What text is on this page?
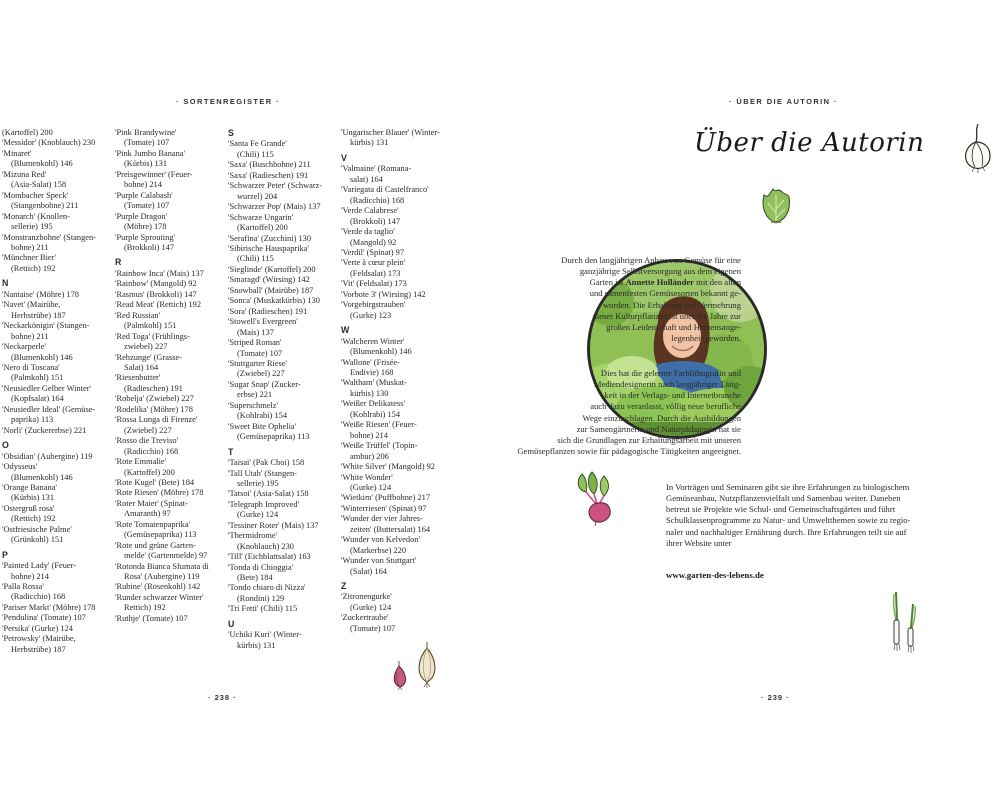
· SORTENREGISTER ·
(Kartoffel) 200
'Messidor' (Knoblauch) 230
'Minaret'
(Blumenkohl) 146
'Mizuna Red'
(Asia-Salat) 158
'Mombacher Speck'
(Stangenbohne) 211
'Monarch' (Knollen-
sellerie) 195
'Monstranzbohne' (Stangen-
bohne) 211
'Münchner Bier'
(Rettich) 192
N
'Nantaise' (Möhre) 178
'Navet' (Mairübe,
Herbstrübe) 187
'Neckarkönigin' (Stangen-
bohne) 211
'Neckarperle'
(Blumenkohl) 146
'Nero di Toscana'
(Palmkohl) 151
'Neusiedler Gelber Winter'
(Kopfsalat) 164
'Neusiedler Ideal' (Gemüse-
paprika) 113
'Norli' (Zuckererbse) 221
O
'Obsidian' (Aubergine) 119
'Odysseus'
(Blumenkohl) 146
'Orange Banana'
(Kürbis) 131
'Ostergruß rosa'
(Rettich) 192
'Ostfriesische Palme'
(Grünkohl) 151
P
'Painted Lady' (Feuer-
bohne) 214
'Palla Rossa'
(Radicchio) 168
'Pariser Markt' (Möhre) 178
'Pendulina' (Tomate) 107
'Persika' (Gurke) 124
'Petrowsky' (Mairübe,
Herbstrübe) 187
'Pink Brandywine'
(Tomate) 107
'Pink Jumbo Banana'
(Kürbis) 131
'Preisgewinner' (Feuer-
bohne) 214
'Purple Calabash'
(Tomate) 107
'Purple Dragon'
(Möhre) 178
'Purple Sprouting'
(Brokkoli) 147
R
'Rainbow Inca' (Mais) 137
'Rainbow' (Mangold) 92
'Rasmus' (Brokkoli) 147
'Read Meat' (Rettich) 192
'Red Russian'
(Palmkohl) 151
'Red Toga' (Frühlings-
zwiebel) 227
'Rehzunge' (Grasse-
Salat) 164
'Riesenbutter'
(Radieschen) 191
'Robelja' (Zwiebel) 227
'Rodelika' (Möhre) 178
'Rossa Lunga di Firenze'
(Zwiebel) 227
'Rosso die Treviso'
(Radicchio) 168
'Rote Emmalie'
(Kartoffel) 200
'Rote Kugel' (Bete) 184
'Rote Riesen' (Möhre) 178
'Roter Maier' (Spinat-
Amaranth) 97
'Rote Tomatenpaprika'
(Gemüsepaprika) 113
'Rote und grüne Garten-
melde' (Gartenmelde) 97
'Rotonda Bianca Sfumata di
Rosa' (Aubergine) 119
'Rubine' (Rosenkohl) 142
'Runder schwarzer Winter'
Rettich) 192
'Ruthje' (Tomate) 107
S
'Santa Fe Grande'
(Chili) 115
'Saxa' (Buschbohne) 211
'Saxa' (Radieschen) 191
'Schwarzer Peter' (Schwarz-
wurzel) 204
'Schwarzer Pop' (Mais) 137
'Schwarze Ungarin'
(Kartoffel) 200
'Serafina' (Zucchini) 130
'Sibirische Hauspaprika'
(Chili) 115
'Sieglinde' (Kartoffel) 200
'Smaragd' (Wirsing) 142
'Snowball' (Mairübe) 187
'Sonca' (Muskatkürbis) 130
'Sora' (Radieschen) 191
'Stowell's Evergreen'
(Mais) 137
'Striped Roman'
(Tomate) 107
'Stuttgarter Riese'
(Zwiebel) 227
'Sugar Snap' (Zucker-
erbse) 221
'Superschmelz'
(Kohlrabi) 154
'Sweet Bite Ophelia'
(Gemüsepaprika) 113
T
'Taisai' (Pak Choi) 158
'Tall Utah' (Stangen-
sellerie) 195
'Tatsoi' (Asia-Salat) 158
'Telegraph Improved'
(Gurke) 124
'Tessiner Roter' (Mais) 137
'Thermidrome'
(Knoblauch) 230
'Till' (Eichblattsalat) 163
'Tonda di Chioggia'
(Bete) 184
'Tondo chiaro di Nizza'
(Rondini) 129
'Tri Fetti' (Chili) 115
U
'Uchiki Kuri' (Winter-
kürbis) 131
'Ungarischer Blauer' (Winter-
kürbis) 131
V
'Valmaine' (Romana-
salat) 164
'Variegata di Castelfranco'
(Radicchio) 168
'Verde Calabrese'
(Brokkoli) 147
'Verde da taglio'
(Mangold) 92
'Verdil' (Spinat) 97
'Verte à cœur plein'
(Feldsalat) 173
'Vit' (Feldsalat) 173
'Vorbote 3' (Wirsing) 142
'Vorgebirgstrauben'
(Gurke) 123
W
'Walcheren Winter'
(Blumenkohl) 146
'Wallone' (Frisée-
Endivie) 168
'Waltham' (Muskat-
kürbis) 130
'Weißer Delikatess'
(Kohlrabi) 154
'Weiße Riesen' (Feuer-
bohne) 214
'Weiße Trüffel' (Topin-
ambur) 206
'White Silver' (Mangold) 92
'White Wonder'
(Gurke) 124
'Wietkim' (Puffbohne) 217
'Winterriesen' (Spinat) 97
'Wunder der vier Jahres-
zeiten' (Buttersalat) 164
'Wunder von Kelvedon'
(Markerbse) 220
'Wunder von Stuttgart'
(Salat) 164
Z
'Zitronengurke'
(Gurke) 124
'Zuckertraube'
(Tomate) 107
· 238 ·
· ÜBER DIE AUTORIN ·
Über die Autorin
Durch den langjährigen Anbau von Gemüse für eine
ganzjährige Selbstversorgung aus dem eigenen
Garten ist Annette Holländer mit den alten
und samenfesten Gemüsesorten bekannt ge-
worden. Die Erhaltung und Vermehrung
dieser Kulturpflanzen ist über die Jahre zur
großen Leidenschaft und Herzensange-
legenheit geworden.
Dies hat die gelernte Farblithografin und
Mediendesignerin nach langjähriger Tätig-
keit in der Verlags- und Internetbranche
auch dazu veranlasst, völlig neue berufliche
Wege einzuschlagen. Durch die Ausbildungen
zur Samengärtnerin und Naturpädagogin hat sie
sich die Grundlagen zur Erhaltungsarbeit mit unseren
Gemüsepflanzen sowie für pädagogische Tätigkeiten angeeignet.
In Vorträgen und Seminaren gibt sie ihre Erfahrungen zu biologischem
Gemüseanbau, Nutzpflanzenvielfalt und Samenbau weiter. Daneben
betreut sie Projekte wie Schul- und Gemeinschaftsgärten und führt
Schulklassenprogramme zu Natur- und Umweltthemen sowie zu regio-
naler und nachhaltiger Ernährung durch. Ihre Erfahrungen teilt sie auf
ihrer Website unter
www.garten-des-lebens.de
· 239 ·
